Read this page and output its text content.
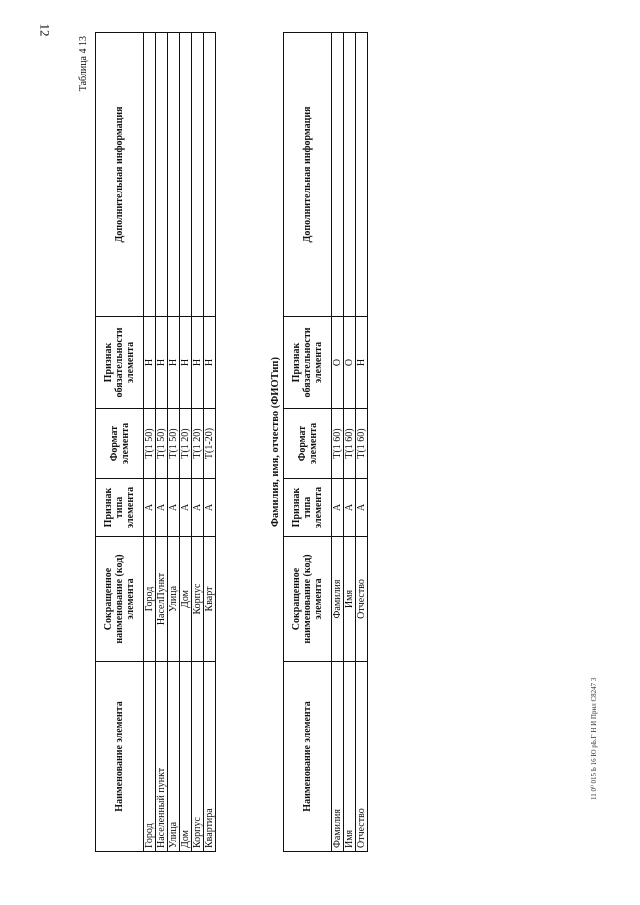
12
Таблица 4 13
Наименование элемента	Сокращенное наименование (код) элемента	Признак типа элемента	Формат элемента	Признак обязательности элемента	Дополнительная информация
Город	Город	А	T(1 50)	Н	
Населенный пункт	НаселПункт	А	T(1 50)	Н	
Улица	Улица	А	T(1 50)	Н	
Дом	Дом	А	T(1 20)	Н	
Корпус	Корпус	А	T(1 20)	Н	
Квартира	Кварт	А	T(1-20)	Н		Фамилия, имя, отчество (ФИОТип)
Наименование элемента	Сокращенное наименование (код) элемента	Признак типа элемента	Формат элемента	Признак обязательности элемента	Дополнительная информация
Фамилия	Фамилия	А	T(1 60)	О	
Имя	Имя	А	T(1 60)	О	
Отчество	Отчество	А	T(1 60)	Н	
11 0⁰ 015 Ь 16 Ю рЬ.Г Н И Прил С8247 3
